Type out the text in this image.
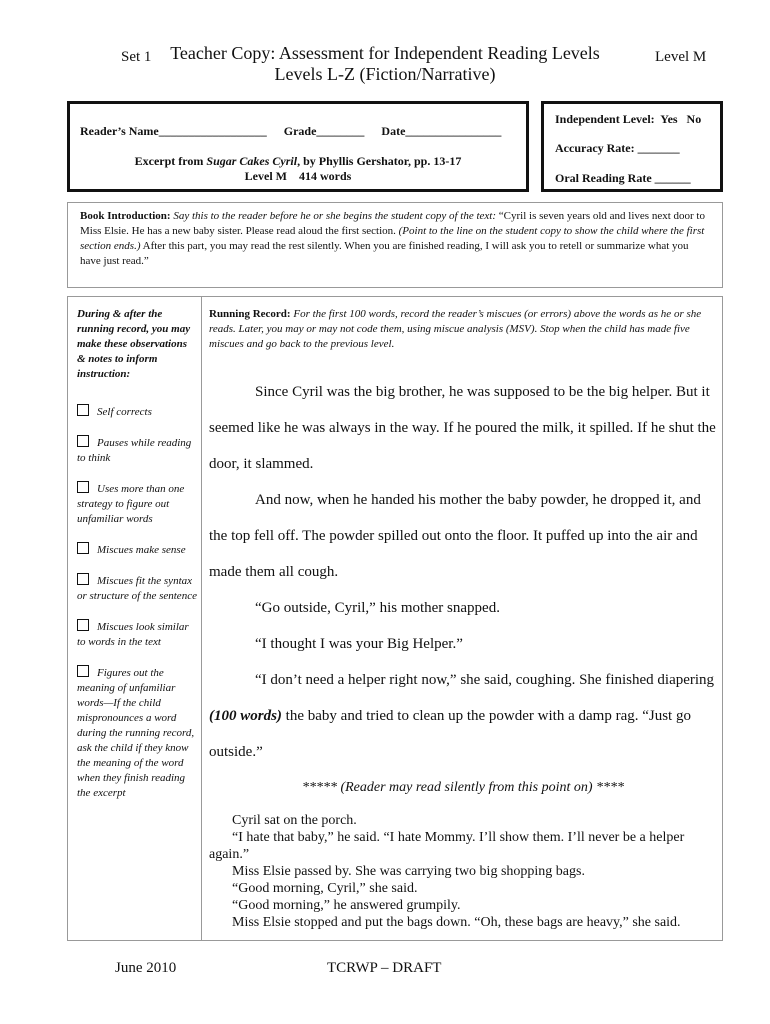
Set 1	Teacher Copy: Assessment for Independent Reading Levels
Levels L-Z (Fiction/Narrative)
Level M
Reader’s Name__________________ Grade________ Date________________
Excerpt from Sugar Cakes Cyril, by Phyllis Gershator, pp. 13-17
Level M    414 words
Independent Level:  Yes   No
Accuracy Rate: _______
Oral Reading Rate ______
Book Introduction: Say this to the reader before he or she begins the student copy of the text: “Cyril is seven years old and lives next door to Miss Elsie. He has a new baby sister. Please read aloud the first section. (Point to the line on the student copy to show the child where the first section ends.) After this part, you may read the rest silently. When you are finished reading, I will ask you to retell or summarize what you have just read.”
During & after the running record, you may make these observations & notes to inform instruction:
Self corrects
Pauses while reading to think
Uses more than one strategy to figure out unfamiliar words
Miscues make sense
Miscues fit the syntax or structure of the sentence
Miscues look similar to words in the text
Figures out the meaning of unfamiliar words—If the child mispronounces a word during the running record, ask the child if they know the meaning of the word when they finish reading the excerpt
Running Record: For the first 100 words, record the reader’s miscues (or errors) above the words as he or she reads. Later, you may or may not code them, using miscue analysis (MSV). Stop when the child has made five miscues and go back to the previous level.

Since Cyril was the big brother, he was supposed to be the big helper. But it seemed like he was always in the way. If he poured the milk, it spilled. If he shut the door, it slammed.

And now, when he handed his mother the baby powder, he dropped it, and the top fell off. The powder spilled out onto the floor. It puffed up into the air and made them all cough.

“Go outside, Cyril,” his mother snapped.

“I thought I was your Big Helper.”

“I don’t need a helper right now,” she said, coughing. She finished diapering

(100 words) the baby and tried to clean up the powder with a damp rag. “Just go outside.”

***** (Reader may read silently from this point on) ****

Cyril sat on the porch.

“I hate that baby,” he said. “I hate Mommy. I’ll show them. I’ll never be a helper again.”

Miss Elsie passed by. She was carrying two big shopping bags.

“Good morning, Cyril,” she said.

“Good morning,” he answered grumpily.

Miss Elsie stopped and put the bags down. “Oh, these bags are heavy,” she said.

June 2010	TCRWP – DRAFT
